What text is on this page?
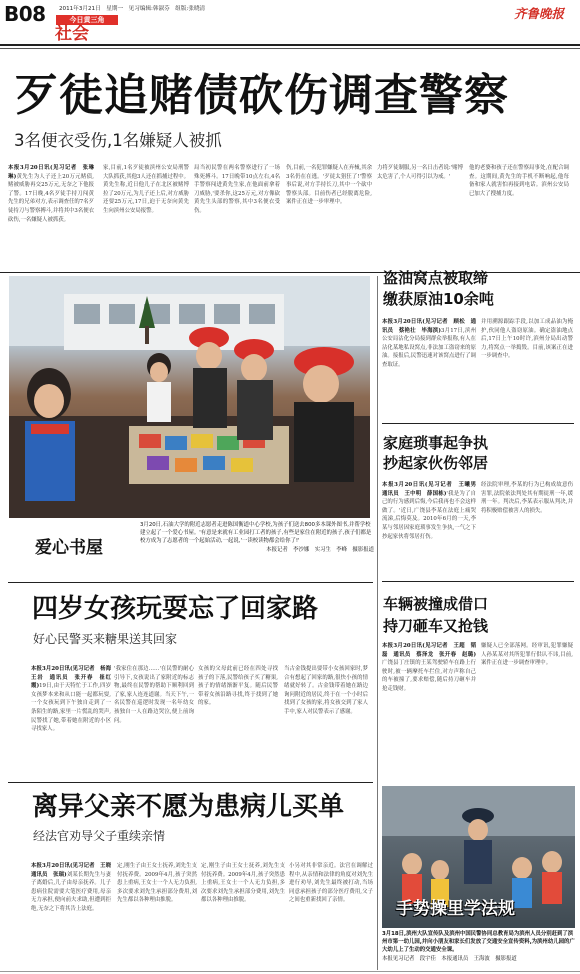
B08 2011年3月21日　星期一　见习编辑:韩淑芬　组版:张晓清
今日黄三角
社会
齐鲁晚报
歹徒追赌债砍伤调查警察
3名便衣受伤,1名嫌疑人被抓
本报3月20日讯(见习记者　张琳琳)黄先生为人子还上20万元赌债,赌被威胁再交25万元,无奈之下他报了警。17日晚,4名歹徒手持刀闯黄先生的兄弟对方,表示调查任的7名歹徒持刀与警察搏斗,并将其中3名便衣砍伤,一名嫌疑人被抓获。
家,目前,1名歹徒被滨州公安局刑警大队抓获,其他3人还在抓捕过程中。黄先生称,近日他儿子在北区被赌博拉了20万元,为儿子还上后,对方威胁还要25万元,17日,迫于无奈向黄先生向滨州公安局报警。
局当初民警在两名警察进行了一场殊死搏斗。17日晚带10点左右,4名手警察闯进黄先生家,在他面前拿着刀威胁,'要杀你,这25万元,对方像砍黄先生头部的警察,其中3名便衣受伤。
伤,目前,一名犯罪嫌疑人在弃械,其余3名仍在在逃。'歹徒太猖狂了!'警察事后说,对方手持长刀,其中一个砍中警察头部。目前伤者已经脱离危险,案件正在进一步审理中。
力将歹徒制服,另一名日击者说:'赌博太危害了,个人可得引以为戒。'
他的老婆和孩子还在警察局事处,在配合调查。这期间,黄先生的手机不断响起,他每备和家人就害怕再接到电话。滨州公安局已加大了搜捕力度。
爱心书屋
3月20日,石油大学的附近志愿者走进陈国衡道中心学校,为孩子们送去800多本课外图书,并帮学校建立起了一个爱心书屋。'有意是来就有工业园打工者的孩子,有些是家住在附近的孩子,孩子们都是校方成为了志愿者的一个起始活动,一起说,'一读校读物都会给你了!'

本报记者　李沙娜　实习生　李峰　摄影报道
四岁女孩玩耍忘了回家路
好心民警买来糖果送其回家
本报3月20日讯(见习记者　杨海　王岩　通讯员　张开春　崔红霞)19日,由于天特忙于工作,四岁女孩梦本来和从口能一起都玩耍,一个女孩玩到下午独自走到了一条陌生的路,家里一片慌乱的哭声,民警找了她,带着她在附近的小区寻找家人。
'我家住在那边……'在民警的耐心引导下,女孩说出了家附近的标志物,最终在民警的帮助下顺利回到了家,家人连连道谢。当天下午,一名民警在巡逻时发现一名年幼女孩独自一人在路边哭泣,便上前询问。
女孩的父母此前已经在四处寻找孩子的下落,民警给孩子买了糖果,孩子的情绪渐渐平复。随后民警带着女孩沿路寻找,终于找到了她的家。
当古金钱提出要带小女孩回家时,梦合有想起了回家的路,很快小孩的情绪就好转了。古金钱带着她在路边询问附近的居民,终于在一个小时后找到了女孩的家,将女孩交到了家人手中,家人对民警表示了感谢。
离异父亲不愿为患病儿买单
经法官劝导父子重续亲情
本报3月20日讯(见习记者　王晓　通讯员　张瑞)刘某长期先生与妻子离婚后,儿子由母亲抚养。儿子患病住院需要大笔医疗费用,母亲无力承担,便向前夫求助,但遭到拒绝,无奈之下将其告上法庭。
定,刚生子由王女士抚养,刘先生支付抚养费。2009年4月,孩子突然患上重病,王女士一个人无力负担,多次要求刘先生承担部分费用,刘先生都以各种理由推脱。
定,刚生子由王女士抚养,刘先生支付抚养费。2009年4月,孩子突然患上重病,王女士一个人无力负担,多次要求刘先生承担部分费用,刘先生都以各种理由推脱。
小另对其非常亲近。法官在调解过程中,从亲情和法律的角度对刘先生进行劝导,刘先生最终被打动,当场同意承担孩子的部分医疗费用,父子之间也重新找回了亲情。
盗油窝点被取缔
缴获原油10余吨
本报3月20日讯(见习记者　顾松　通讯员　蔡艳壮　毕海滨)3月17日,滨州公安局沾化分局接到群众举报称,有人在沾化某地私设窝点,非法加工盗窃来的原油。接报后,民警迅速对该窝点进行了调查取证。
并用溯源跟踪手段,以加工成品油为掩护,伙同他人盗窃原油。确定盗油地点后,17日上午10时许,滨州分局出动警力,将窝点一举捣毁。目前,该案正在进一步调查中。
家庭琐事起争执
抄起家伙伤邻居
本报3月20日讯(见习记者　王曦男　通讯员　王中明　薛国栋)'我是为了自己的行为感到后悔,今后我再也不会这样做了。'近日,广饶县李某在法庭上痛哭流涕,后悔莫及。2010年6月的一天,李某与邻居因家庭琐事发生争执,一气之下抄起家伙将邻居打伤。
经法院审理,李某的行为已构成故意伤害罪,法院依法判处其有期徒刑一年,缓刑一年。判决后,李某表示服从判决,并将积极赔偿被害人的损失。
车辆被撞成借口
持刀砸车又抢钱
本报3月20日讯(见习记者　王超　韬磊　通讯员　蔡泽龙　张开春　赵璐)广饶县丁庄镇的王某驾驶轿车在路上行驶时,被一辆摩托车拦住,对方声称自己的车被撞了,要求赔偿,随后持刀砸车并抢走钱财。
嫌疑人已全部落网。经审讯,犯罪嫌疑人孙某某对其所犯罪行供认不讳,目前,案件正在进一步调查审理中。
手势操里学法规
3月18日,滨州大队宣传队及滨州中国民警协同总教育局为滨州人员分别赶到了滨州市第一幼儿园,并向小朋友和家长们发放了交通安全宣传资料,为滨州幼儿园的广大幼儿上了生动的交通安全课。
本报见习记者　段宇佳　本报通讯员　王海波　摄影报道
